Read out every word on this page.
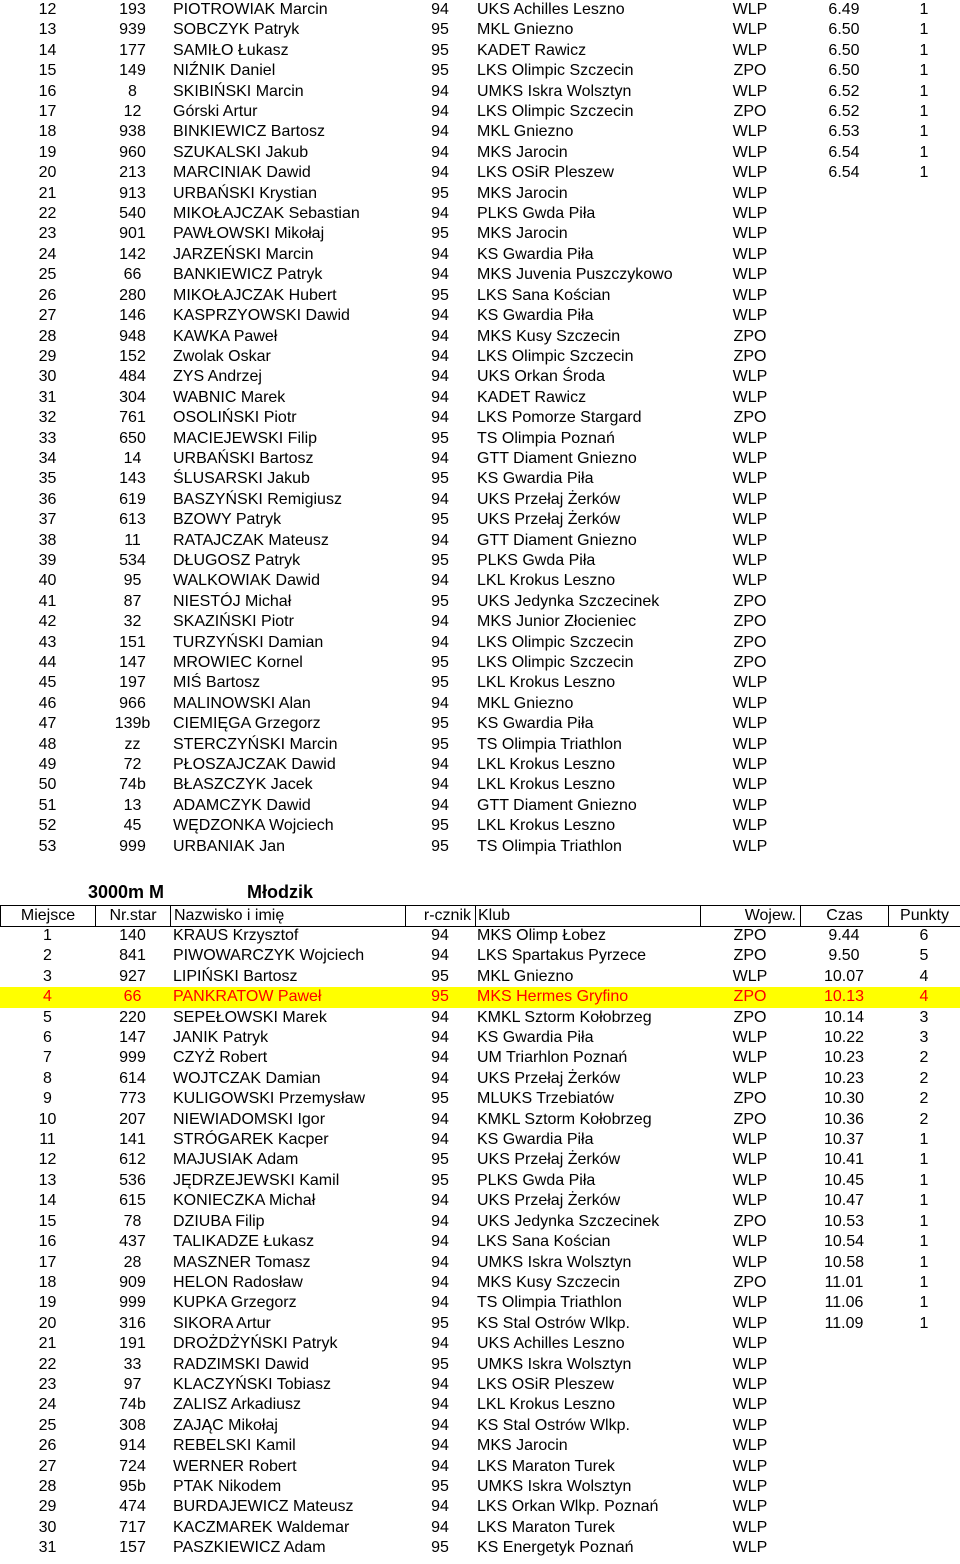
12	193	PIOTROWIAK Marcin	94	UKS Achilles Leszno	WLP	6.49	1
13	939	SOBCZYK Patryk	95	MKL Gniezno	WLP	6.50	1
14	177	SAMIŁO Łukasz	95	KADET Rawicz	WLP	6.50	1
15	149	NIŹNIK Daniel	95	LKS Olimpic Szczecin	ZPO	6.50	1
16	8	SKIBIŃSKI Marcin	94	UMKS Iskra Wolsztyn	WLP	6.52	1
17	12	Górski Artur	94	LKS Olimpic Szczecin	ZPO	6.52	1
18	938	BINKIEWICZ Bartosz	94	MKL Gniezno	WLP	6.53	1
19	960	SZUKALSKI Jakub	94	MKS Jarocin	WLP	6.54	1
20	213	MARCINIAK Dawid	94	LKS OSiR Pleszew	WLP	6.54	1
21	913	URBAŃSKI Krystian	95	MKS Jarocin	WLP		
22	540	MIKOŁAJCZAK Sebastian	94	PLKS Gwda Piła	WLP		
23	901	PAWŁOWSKI Mikołaj	95	MKS Jarocin	WLP		
24	142	JARZEŃSKI Marcin	94	KS Gwardia Piła	WLP		
25	66	BANKIEWICZ Patryk	94	MKS Juvenia Puszczykowo	WLP		
26	280	MIKOŁAJCZAK Hubert	95	LKS Sana Kościan	WLP		
27	146	KASPRZYOWSKI Dawid	94	KS Gwardia Piła	WLP		
28	948	KAWKA Paweł	94	MKS Kusy Szczecin	ZPO		
29	152	Zwolak Oskar	94	LKS Olimpic Szczecin	ZPO		
30	484	ZYS Andrzej	94	UKS Orkan Środa	WLP		
31	304	WABNIC Marek	94	KADET Rawicz	WLP		
32	761	OSOLIŃSKI Piotr	94	LKS Pomorze Stargard	ZPO		
33	650	MACIEJEWSKI Filip	95	TS Olimpia Poznań	WLP		
34	14	URBAŃSKI Bartosz	94	GTT Diament Gniezno	WLP		
35	143	ŚLUSARSKI Jakub	95	KS Gwardia Piła	WLP		
36	619	BASZYŃSKI Remigiusz	94	UKS Przełaj Żerków	WLP		
37	613	BZOWY Patryk	95	UKS Przełaj Żerków	WLP		
38	11	RATAJCZAK Mateusz	94	GTT Diament Gniezno	WLP		
39	534	DŁUGOSZ Patryk	95	PLKS Gwda Piła	WLP		
40	95	WALKOWIAK Dawid	94	LKL Krokus Leszno	WLP		
41	87	NIESTÓJ Michał	95	UKS Jedynka Szczecinek	ZPO		
42	32	SKAZIŃSKI Piotr	94	MKS Junior Złocieniec	ZPO		
43	151	TURZYŃSKI Damian	94	LKS Olimpic Szczecin	ZPO		
44	147	MROWIEC Kornel	95	LKS Olimpic Szczecin	ZPO		
45	197	MIŚ Bartosz	95	LKL Krokus Leszno	WLP		
46	966	MALINOWSKI Alan	94	MKL Gniezno	WLP		
47	139b	CIEMIĘGA Grzegorz	95	KS Gwardia Piła	WLP		
48	zz	STERCZYŃSKI Marcin	95	TS Olimpia Triathlon	WLP		
49	72	PŁOSZAJCZAK Dawid	94	LKL Krokus Leszno	WLP		
50	74b	BŁASZCZYK Jacek	94	LKL Krokus Leszno	WLP		
51	13	ADAMCZYK Dawid	94	GTT Diament Gniezno	WLP		
52	45	WĘDZONKA Wojciech	95	LKL Krokus Leszno	WLP		
53	999	URBANIAK Jan	95	TS Olimpia Triathlon	WLP		
3000m M	Młodzik
Miejsce	Nr.star	Nazwisko i imię	r-cznik	Klub	Wojew.	Czas	Punkty
1	140	KRAUS Krzysztof	94	MKS Olimp Łobez	ZPO	9.44	6
2	841	PIWOWARCZYK Wojciech	94	LKS Spartakus Pyrzece	ZPO	9.50	5
3	927	LIPIŃSKI Bartosz	95	MKL Gniezno	WLP	10.07	4
4	66	PANKRATOW Paweł	95	MKS Hermes Gryfino	ZPO	10.13	4
5	220	SEPEŁOWSKI Marek	94	KMKL Sztorm Kołobrzeg	ZPO	10.14	3
6	147	JANIK Patryk	94	KS Gwardia Piła	WLP	10.22	3
7	999	CZYŻ Robert	94	UM Triarhlon Poznań	WLP	10.23	2
8	614	WOJTCZAK Damian	94	UKS Przełaj Żerków	WLP	10.23	2
9	773	KULIGOWSKI Przemysław	95	MLUKS Trzebiatów	ZPO	10.30	2
10	207	NIEWIADOMSKI Igor	94	KMKL Sztorm Kołobrzeg	ZPO	10.36	2
11	141	STRÓGAREK Kacper	94	KS Gwardia Piła	WLP	10.37	1
12	612	MAJUSIAK Adam	95	UKS Przełaj Żerków	WLP	10.41	1
13	536	JĘDRZEJEWSKI Kamil	95	PLKS Gwda Piła	WLP	10.45	1
14	615	KONIECZKA Michał	94	UKS Przełaj Żerków	WLP	10.47	1
15	78	DZIUBA Filip	94	UKS Jedynka Szczecinek	ZPO	10.53	1
16	437	TALIKADZE Łukasz	94	LKS Sana Kościan	WLP	10.54	1
17	28	MASZNER Tomasz	94	UMKS Iskra Wolsztyn	WLP	10.58	1
18	909	HELON Radosław	94	MKS Kusy Szczecin	ZPO	11.01	1
19	999	KUPKA Grzegorz	94	TS Olimpia Triathlon	WLP	11.06	1
20	316	SIKORA Artur	95	KS Stal Ostrów Wlkp.	WLP	11.09	1
21	191	DROŻDŻYŃSKI Patryk	94	UKS Achilles Leszno	WLP		
22	33	RADZIMSKI Dawid	95	UMKS Iskra Wolsztyn	WLP		
23	97	KLACZYŃSKI Tobiasz	94	LKS OSiR Pleszew	WLP		
24	74b	ZALISZ Arkadiusz	94	LKL Krokus Leszno	WLP		
25	308	ZAJĄC Mikołaj	94	KS Stal Ostrów Wlkp.	WLP		
26	914	REBELSKI Kamil	94	MKS Jarocin	WLP		
27	724	WERNER Robert	94	LKS Maraton Turek	WLP		
28	95b	PTAK Nikodem	95	UMKS Iskra Wolsztyn	WLP		
29	474	BURDAJEWICZ Mateusz	94	LKS Orkan Wlkp. Poznań	WLP		
30	717	KACZMAREK Waldemar	94	LKS Maraton Turek	WLP		
31	157	PASZKIEWICZ Adam	95	KS Energetyk Poznań	WLP		
